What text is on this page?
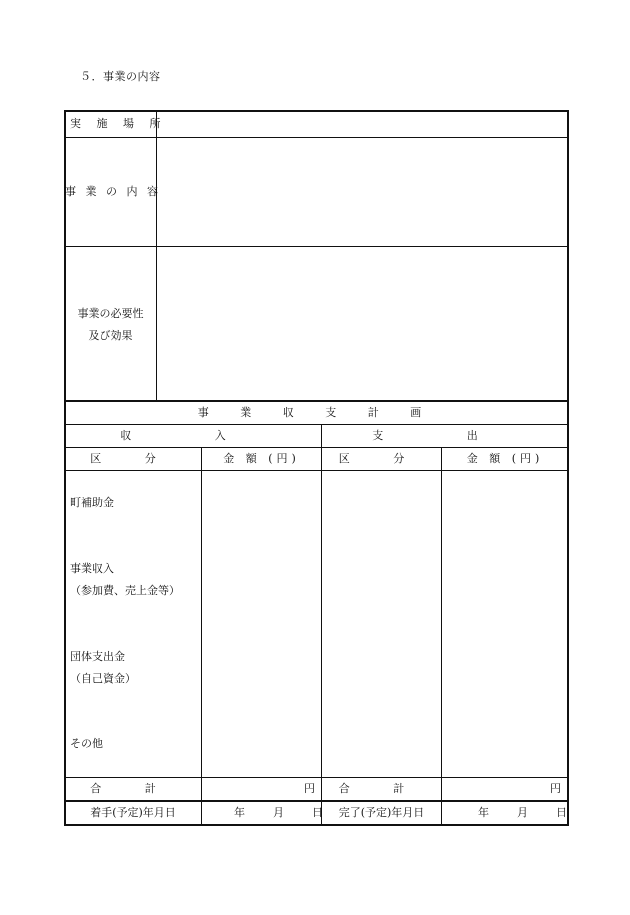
５．事業の内容
実 施 場 所
事 業 の 内 容
事業の必要性
及び効果
事 業 収 支 計 画
収 入	支 出
区 分	金 額 (円)	区 分	金 額 (円)
町補助金
事業収入
（参加費、売上金等）
団体支出金
（自己資金）
その他
合 計	円	合 計	円
着手(予定)年月日	年　　月　　日	完了(予定)年月日	年　　月　　日
